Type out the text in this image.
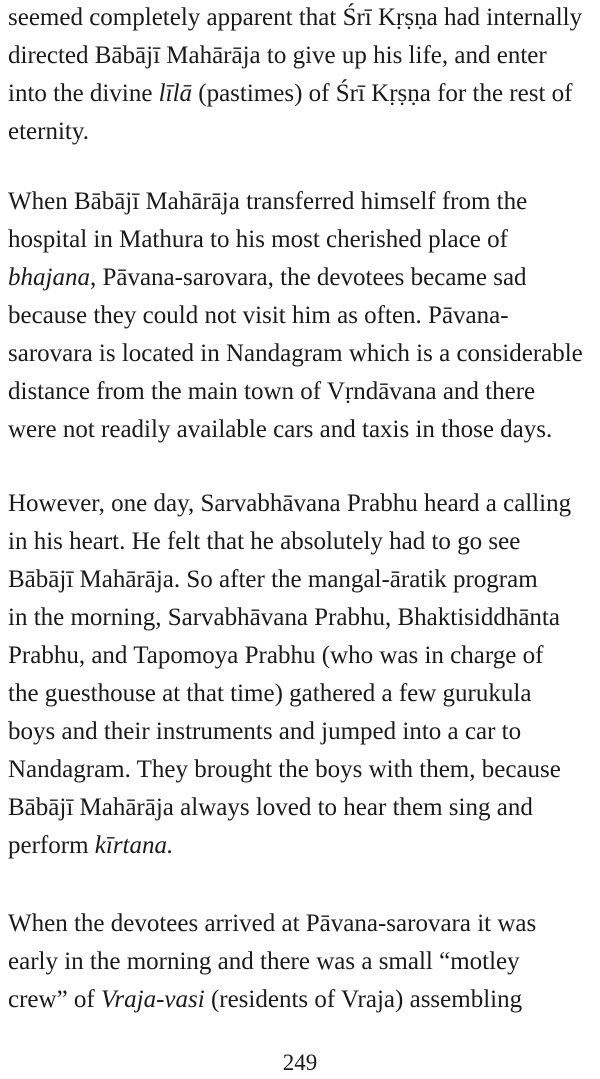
seemed completely apparent that Śrī Kṛṣṇa had internally
directed Bābājī Mahārāja to give up his life, and enter
into the divine līlā (pastimes) of Śrī Kṛṣṇa for the rest of
eternity.

When Bābājī Mahārāja transferred himself from the
hospital in Mathura to his most cherished place of
bhajana, Pāvana-sarovara, the devotees became sad
because they could not visit him as often. Pāvana-
sarovara is located in Nandagram which is a considerable
distance from the main town of Vṛndāvana and there
were not readily available cars and taxis in those days.

However, one day, Sarvabhāvana Prabhu heard a calling
in his heart. He felt that he absolutely had to go see
Bābājī Mahārāja. So after the mangal-āratik program
in the morning, Sarvabhāvana Prabhu, Bhaktisiddhānta
Prabhu, and Tapomoya Prabhu (who was in charge of
the guesthouse at that time) gathered a few gurukula
boys and their instruments and jumped into a car to
Nandagram. They brought the boys with them, because
Bābājī Mahārāja always loved to hear them sing and
perform kīrtana.

When the devotees arrived at Pāvana-sarovara it was
early in the morning and there was a small “motley
crew” of Vraja-vasi (residents of Vraja) assembling

249
